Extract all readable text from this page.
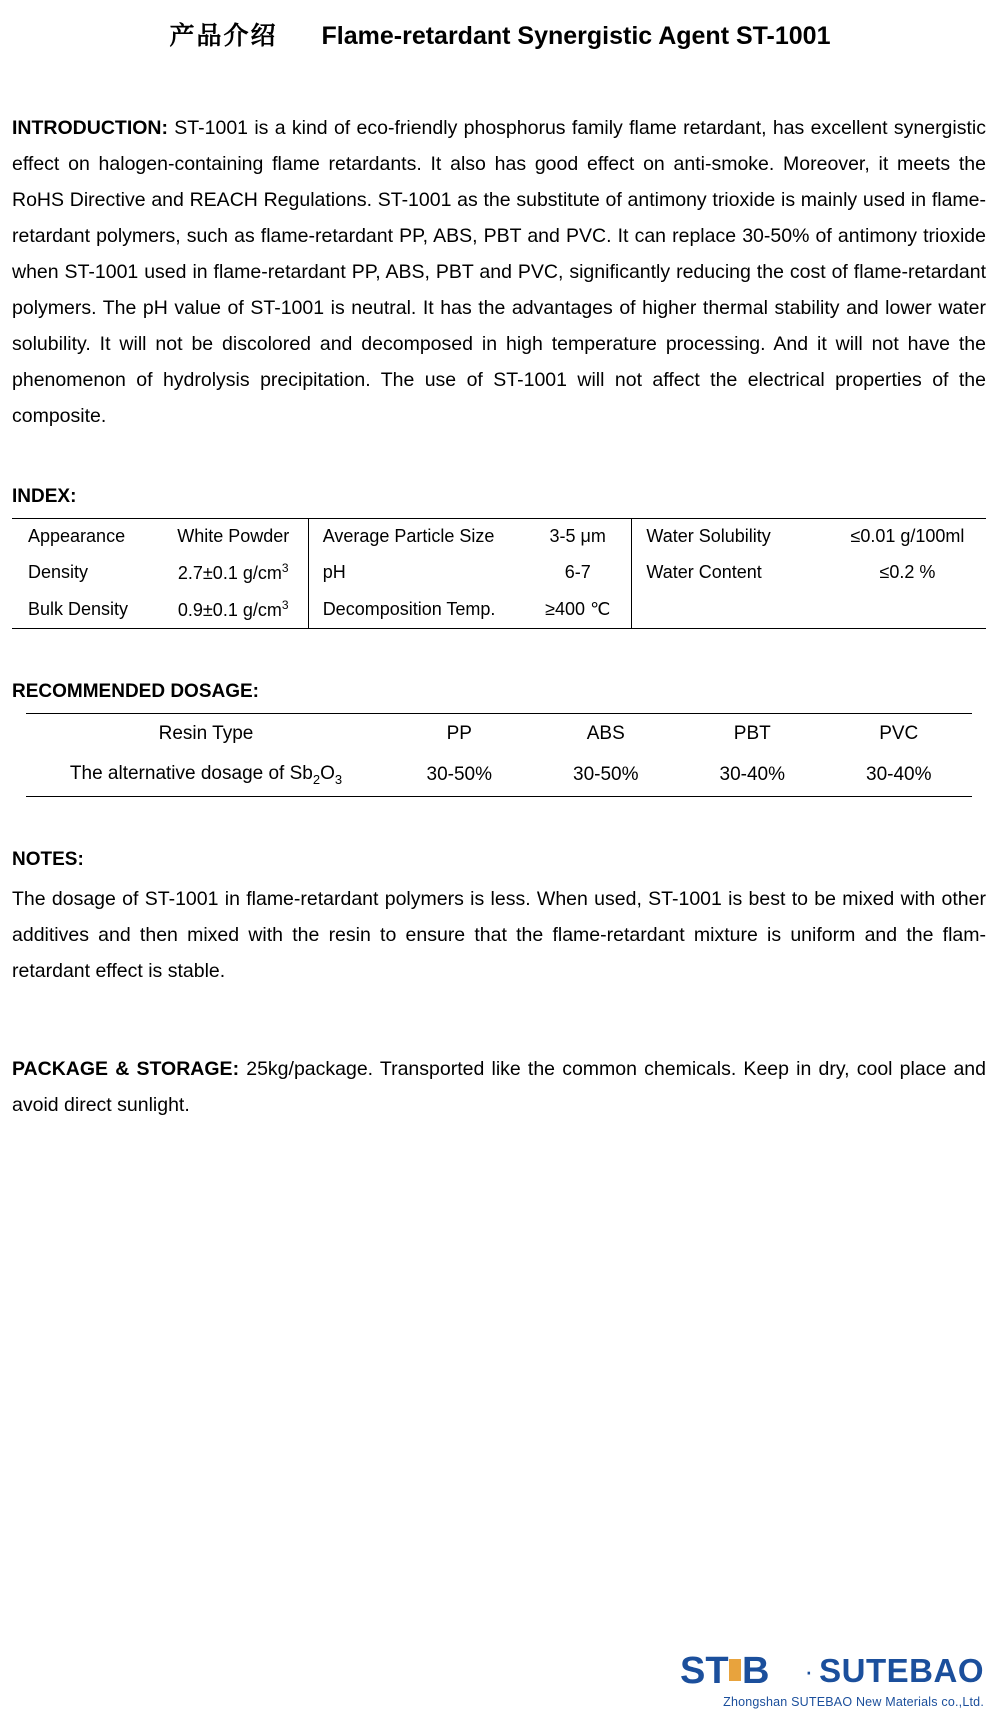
产品介绍 Flame-retardant Synergistic Agent ST-1001

INTRODUCTION: ST-1001 is a kind of eco-friendly phosphorus family flame retardant, has excellent synergistic effect on halogen-containing flame retardants. It also has good effect on anti-smoke. Moreover, it meets the RoHS Directive and REACH Regulations. ST-1001 as the substitute of antimony trioxide is mainly used in flame-retardant polymers, such as flame-retardant PP, ABS, PBT and PVC. It can replace 30-50% of antimony trioxide when ST-1001 used in flame-retardant PP, ABS, PBT and PVC, significantly reducing the cost of flame-retardant polymers. The pH value of ST-1001 is neutral. It has the advantages of higher thermal stability and lower water solubility. It will not be discolored and decomposed in high temperature processing. And it will not have the phenomenon of hydrolysis precipitation. The use of ST-1001 will not affect the electrical properties of the composite.

INDEX:
Appearance	White Powder	Average Particle Size	3-5 μm	Water Solubility	≤0.01 g/100ml
Density	2.7±0.1 $g/cm^3$	pH	6-7	Water Content	≤0.2 %
Bulk Density	0.9±0.1 $g/cm^3$	Decomposition Temp.	≥400 ℃		
RECOMMENDED DOSAGE:
Resin Type	PP	ABS	PBT	PVC
The alternative dosage of $Sb_2O_3$	30-50%	30-50%	30-40%	30-40%
NOTES:

The dosage of ST-1001 in flame-retardant polymers is less. When used, ST-1001 is best to be mixed with other additives and then mixed with the resin to ensure that the flame-retardant mixture is uniform and the flam- retardant effect is stable.

PACKAGE & STORAGE: 25kg/package. Transported like the common chemicals. Keep in dry, cool place and avoid direct sunlight.

ST B · SUTEBAO
Zhongshan SUTEBAO New Materials co.,Ltd.
